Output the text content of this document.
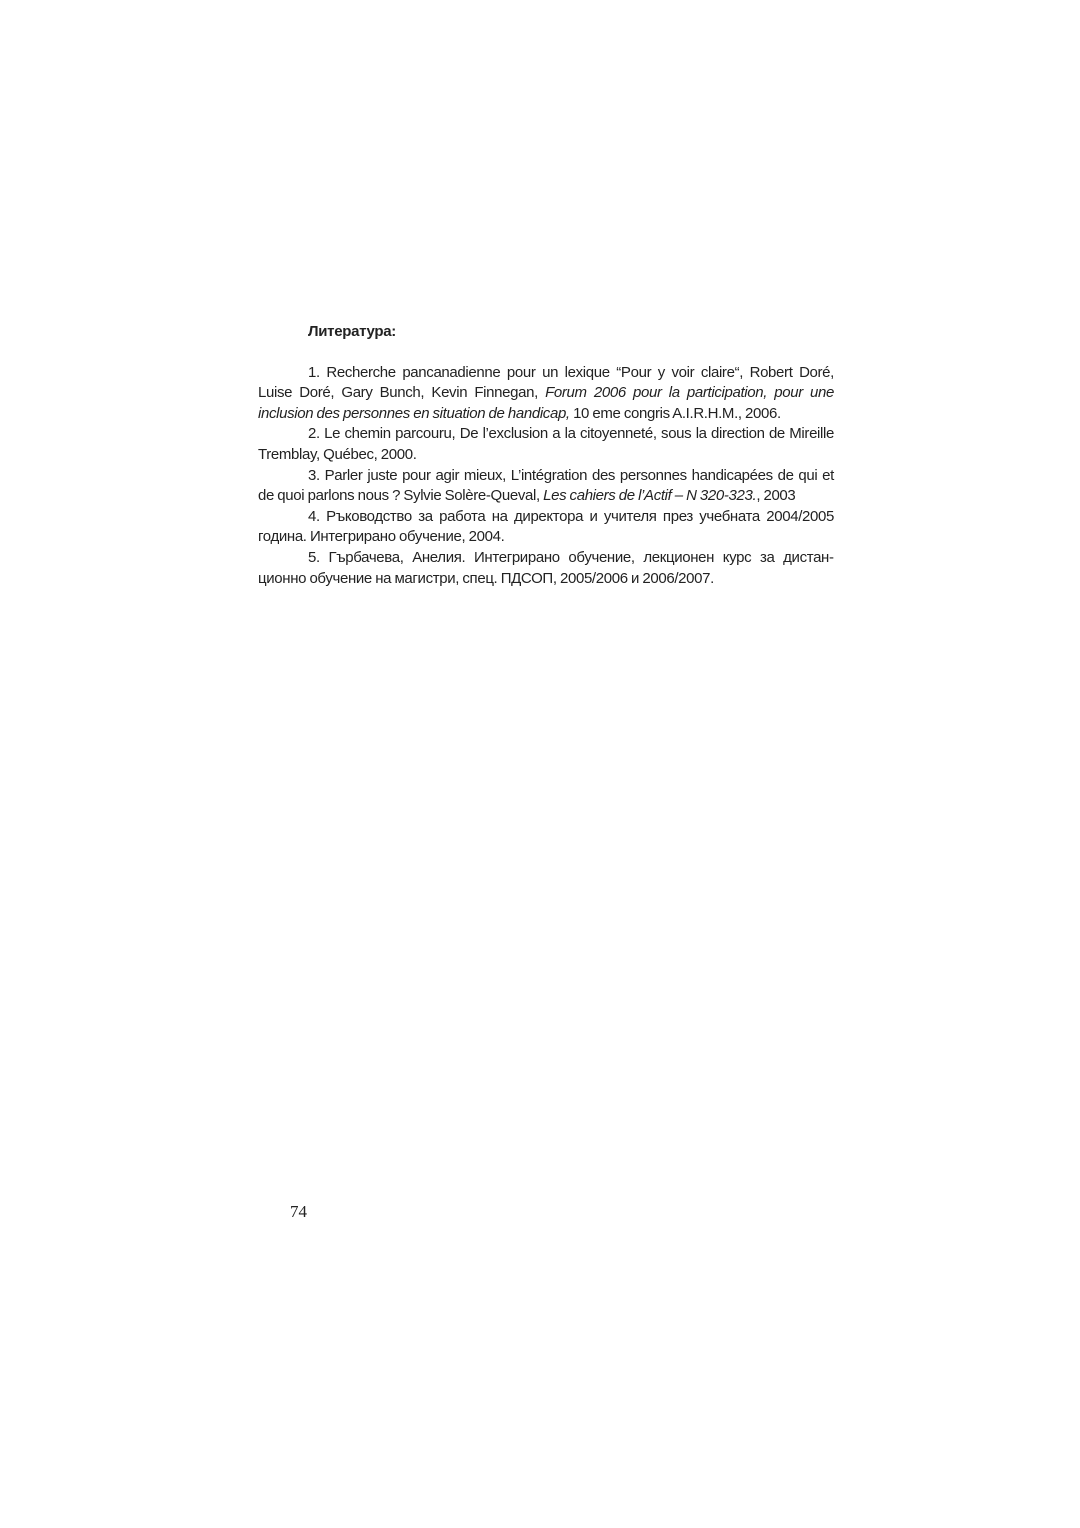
Литература:

1. Recherche pancanadienne pour un lexique “Pour y voir claire“, Robert Doré, Luise Doré, Gary Bunch, Kevin Finnegan, Forum 2006 pour la participation, pour une inclusion des personnes en situation de handicap, 10 eme congris A.I.R.H.M., 2006.

2. Le chemin parcouru, De l’exclusion a la citoyenneté, sous la direction de Mireille Tremblay, Québec, 2000.

3. Parler juste pour agir mieux, L’intégration des personnes handicapées de qui et de quoi parlons nous ? Sylvie Solère-Queval, Les cahiers de l’Actif – N 320-323., 2003

4. Ръководство за работа на директора и учителя през учебната 2004/2005 година. Интегрирано обучение, 2004.

5. Гърбачева, Анелия. Интегрирано обучение, лекционен курс за дистанционно обучение на магистри, спец. ПДСОП, 2005/2006 и 2006/2007.

74
